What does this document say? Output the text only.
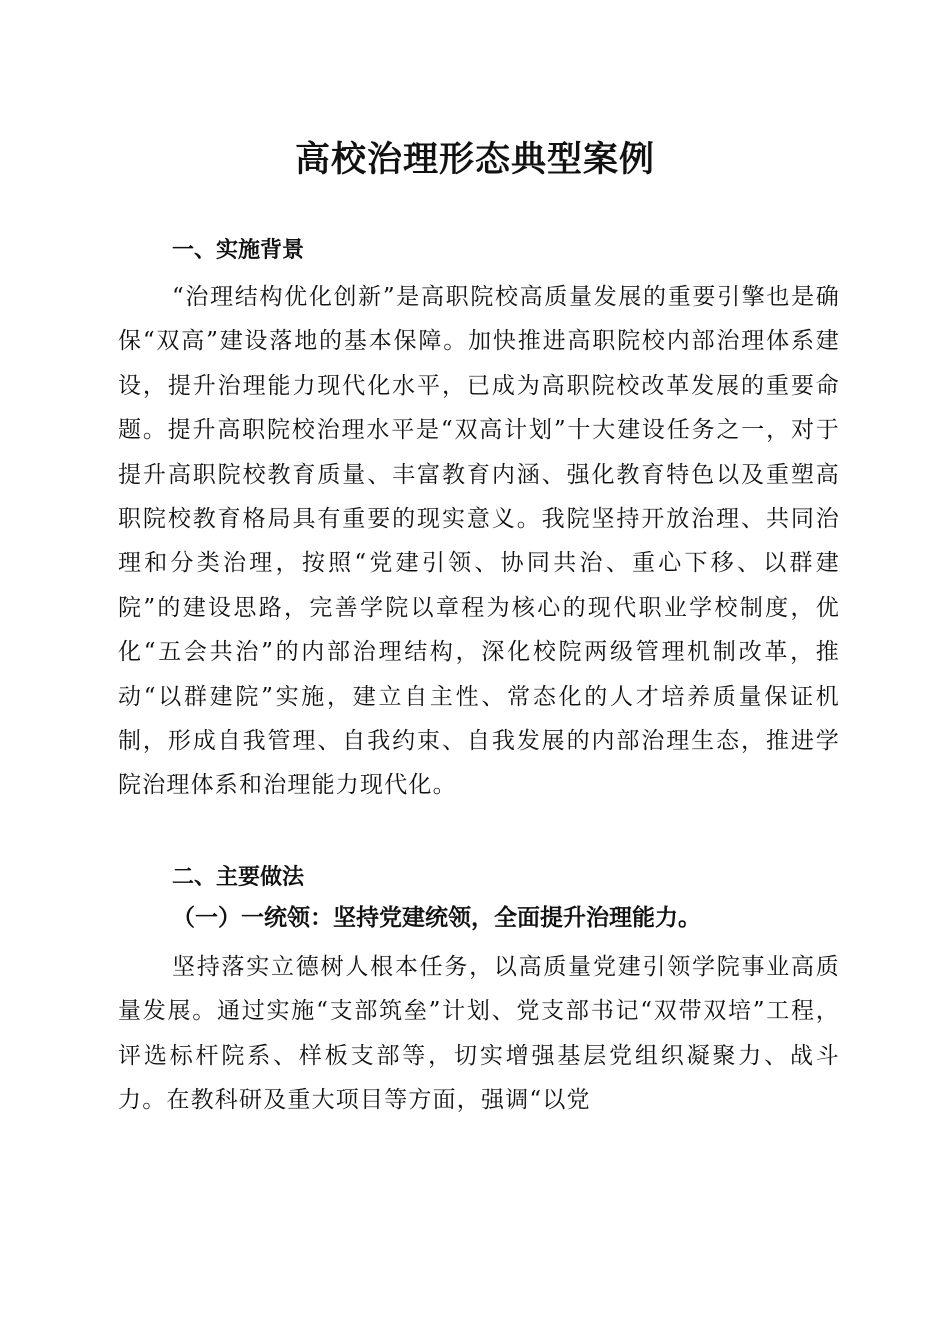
高校治理形态典型案例
一、实施背景

“治理结构优化创新”是高职院校高质量发展的重要引擎也是确保“双高”建设落地的基本保障。加快推进高职院校内部治理体系建设，提升治理能力现代化水平，已成为高职院校改革发展的重要命题。提升高职院校治理水平是“双高计划”十大建设任务之一，对于提升高职院校教育质量、丰富教育内涵、强化教育特色以及重塑高职院校教育格局具有重要的现实意义。我院坚持开放治理、共同治理和分类治理，按照“党建引领、协同共治、重心下移、以群建院”的建设思路，完善学院以章程为核心的现代职业学校制度，优化“五会共治”的内部治理结构，深化校院两级管理机制改革，推动“以群建院”实施，建立自主性、常态化的人才培养质量保证机制，形成自我管理、自我约束、自我发展的内部治理生态，推进学院治理体系和治理能力现代化。

二、主要做法
（一）一统领：坚持党建统领，全面提升治理能力。

坚持落实立德树人根本任务，以高质量党建引领学院事业高质量发展。通过实施“支部筑垒”计划、党支部书记“双带双培”工程，评选标杆院系、样板支部等，切实增强基层党组织凝聚力、战斗力。在教科研及重大项目等方面，强调“以党
